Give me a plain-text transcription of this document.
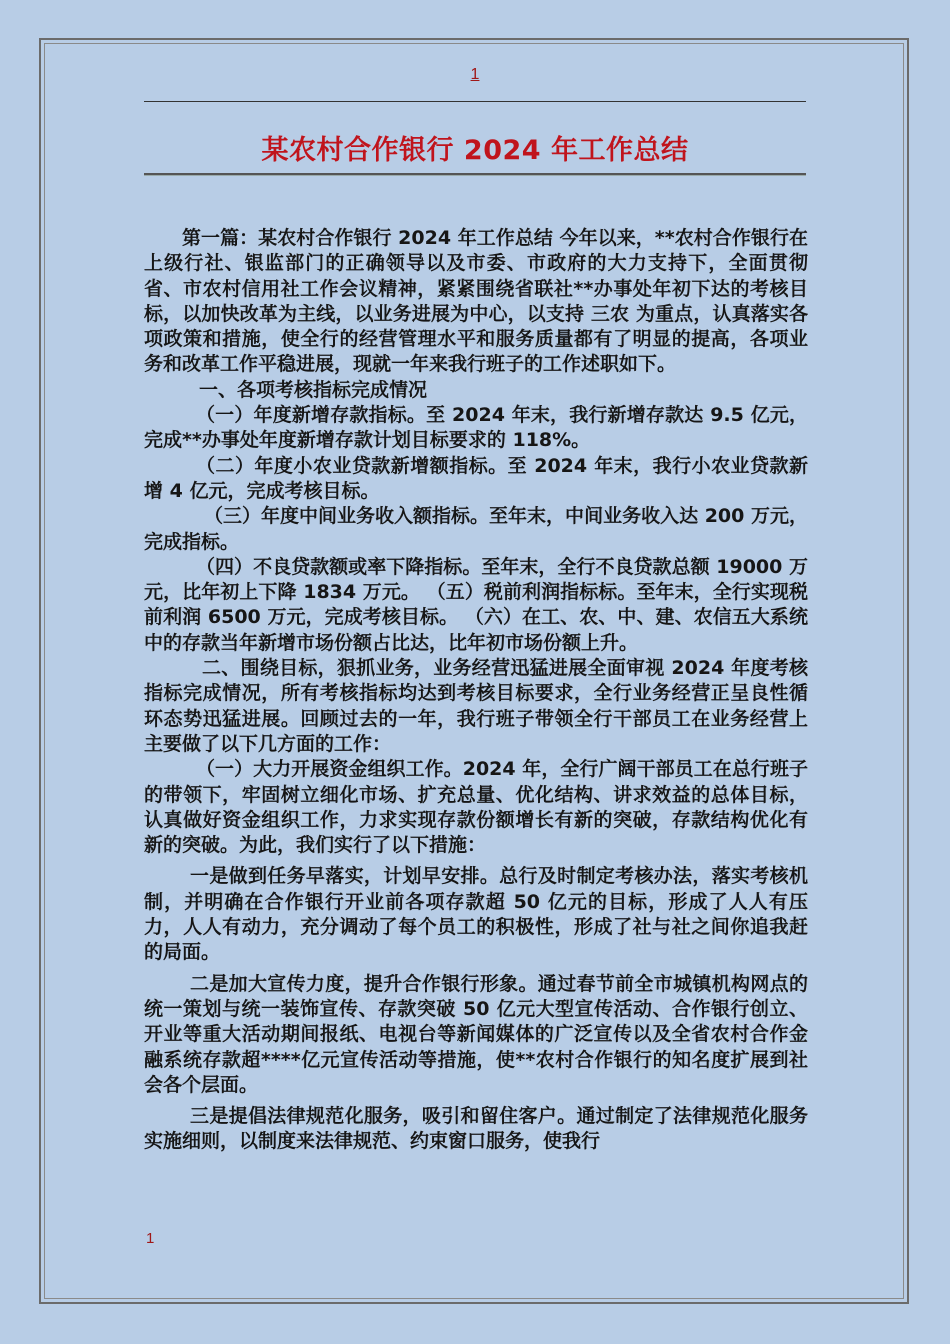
1
某农村合作银行 2024 年工作总结

第一篇：某农村合作银行 2024 年工作总结 今年以来，**农村合作银行在上级行社、银监部门的正确领导以及市委、市政府的大力支持下，全面贯彻省、市农村信用社工作会议精神，紧紧围绕省联社**办事处年初下达的考核目标，以加快改革为主线，以业务进展为中心，以支持 三农 为重点，认真落实各项政策和措施，使全行的经营管理水平和服务质量都有了明显的提高，各项业务和改革工作平稳进展，现就一年来我行班子的工作述职如下。

一、各项考核指标完成情况

（一）年度新增存款指标。至 2024 年末，我行新增存款达 9.5 亿元，完成**办事处年度新增存款计划目标要求的 118%。

（二）年度小农业贷款新增额指标。至 2024 年末，我行小农业贷款新增 4 亿元，完成考核目标。

（三）年度中间业务收入额指标。至年末，中间业务收入达 200 万元，完成指标。

（四）不良贷款额或率下降指标。至年末，全行不良贷款总额 19000 万元，比年初上下降 1834 万元。 （五）税前利润指标标。至年末，全行实现税前利润 6500 万元，完成考核目标。 （六）在工、农、中、建、农信五大系统中的存款当年新增市场份额占比达，比年初市场份额上升。

二、围绕目标，狠抓业务，业务经营迅猛进展全面审视 2024 年度考核指标完成情况，所有考核指标均达到考核目标要求，全行业务经营正呈良性循环态势迅猛进展。回顾过去的一年，我行班子带领全行干部员工在业务经营上主要做了以下几方面的工作：

（一）大力开展资金组织工作。2024 年，全行广阔干部员工在总行班子的带领下，牢固树立细化市场、扩充总量、优化结构、讲求效益的总体目标，认真做好资金组织工作，力求实现存款份额增长有新的突破，存款结构优化有新的突破。为此，我们实行了以下措施：

一是做到任务早落实，计划早安排。总行及时制定考核办法，落实考核机制，并明确在合作银行开业前各项存款超 50 亿元的目标，形成了人人有压力，人人有动力，充分调动了每个员工的积极性，形成了社与社之间你追我赶的局面。

二是加大宣传力度，提升合作银行形象。通过春节前全市城镇机构网点的统一策划与统一装饰宣传、存款突破 50 亿元大型宣传活动、合作银行创立、开业等重大活动期间报纸、电视台等新闻媒体的广泛宣传以及全省农村合作金融系统存款超****亿元宣传活动等措施，使**农村合作银行的知名度扩展到社会各个层面。

三是提倡法律规范化服务，吸引和留住客户。通过制定了法律规范化服务实施细则，以制度来法律规范、约束窗口服务，使我行

1
